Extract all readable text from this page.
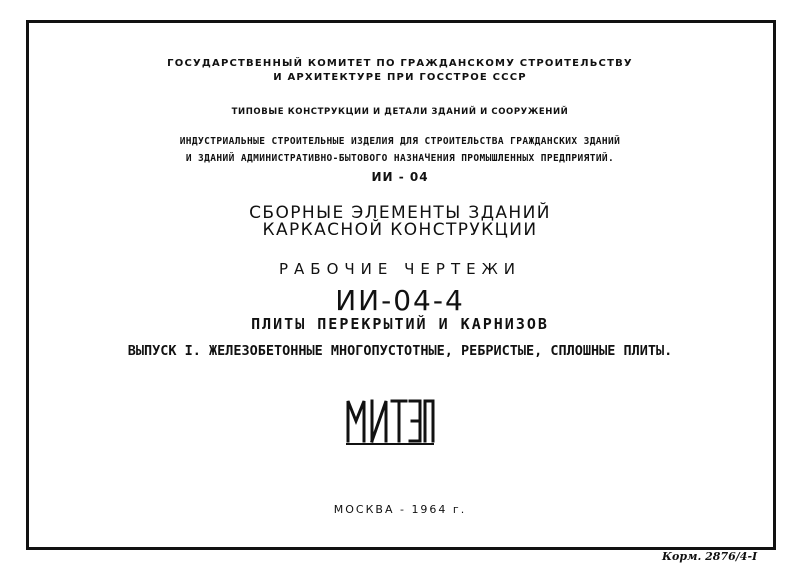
ГОСУДАРСТВЕННЫЙ КОМИТЕТ ПО ГРАЖДАНСКОМУ СТРОИТЕЛЬСТВУ
И АРХИТЕКТУРЕ ПРИ ГОССТРОЕ СССР
ТИПОВЫЕ КОНСТРУКЦИИ И ДЕТАЛИ ЗДАНИЙ И СООРУЖЕНИЙ
ИНДУСТРИАЛЬНЫЕ СТРОИТЕЛЬНЫЕ ИЗДЕЛИЯ ДЛЯ СТРОИТЕЛЬСТВА ГРАЖДАНСКИХ ЗДАНИЙ
И ЗДАНИЙ АДМИНИСТРАТИВНО-БЫТОВОГО НАЗНАЧЕНИЯ ПРОМЫШЛЕННЫХ ПРЕДПРИЯТИЙ.
ИИ - 04
СБОРНЫЕ ЭЛЕМЕНТЫ ЗДАНИЙ
КАРКАСНОЙ КОНСТРУКЦИИ
РАБОЧИЕ ЧЕРТЕЖИ
ИИ-04-4
ПЛИТЫ ПЕРЕКРЫТИЙ И КАРНИЗОВ
ВЫПУСК I. ЖЕЛЕЗОБЕТОННЫЕ МНОГОПУСТОТНЫЕ, РЕБРИСТЫЕ, СПЛОШНЫЕ ПЛИТЫ.
МИТЭП
МОСКВА - 1964 г.
Корм. 2876/4-I
